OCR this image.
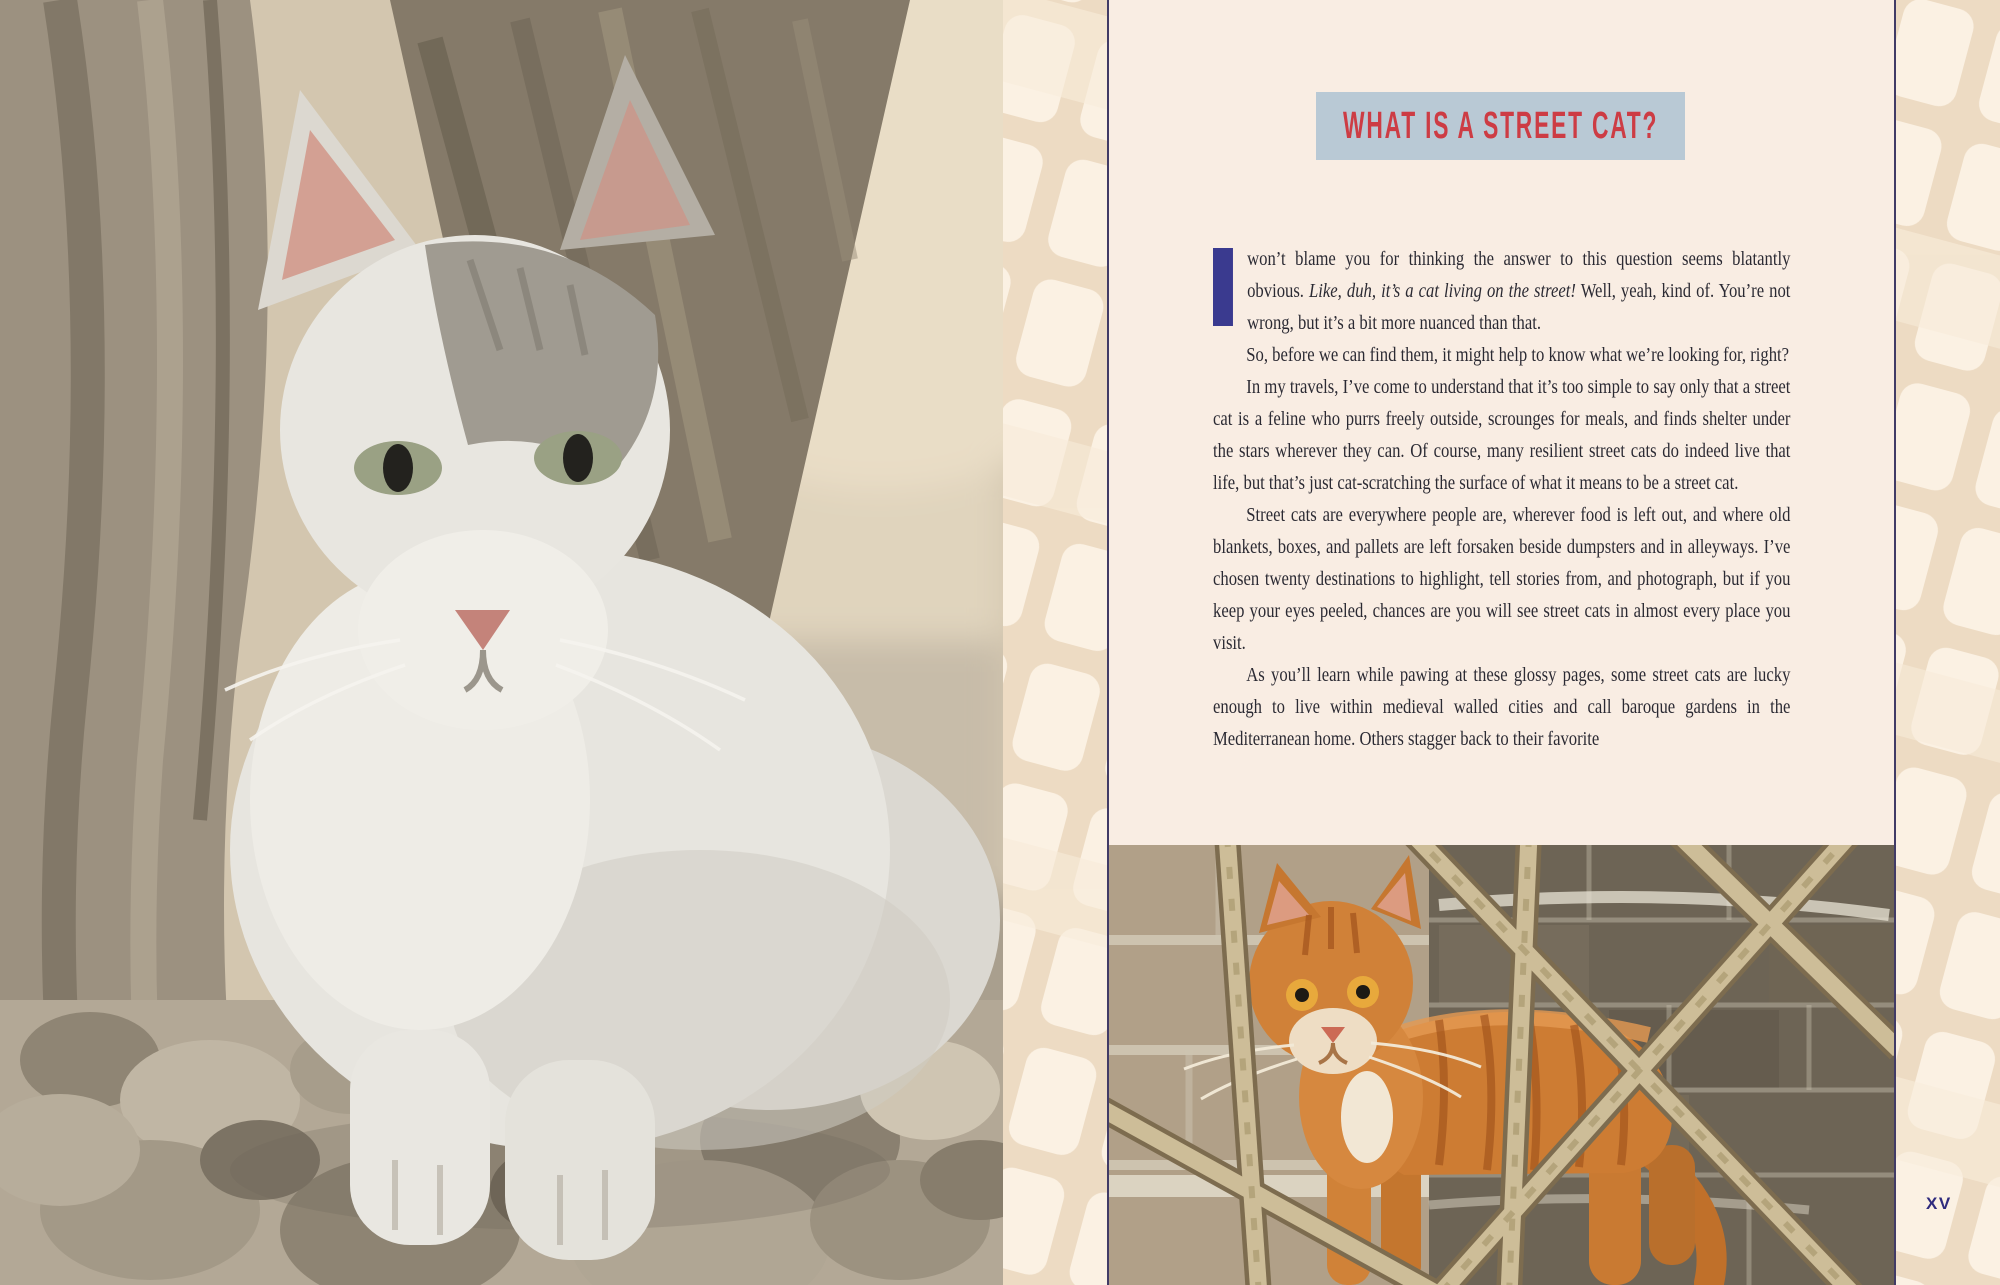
WHAT IS A STREET CAT?

won’t blame you for thinking the answer to this question seems blatantly obvious. Like, duh, it’s a cat living on the street! Well, yeah, kind of. You’re not wrong, but it’s a bit more nuanced than that.

So, before we can find them, it might help to know what we’re looking for, right?

In my travels, I’ve come to understand that it’s too simple to say only that a street cat is a feline who purrs freely outside, scrounges for meals, and finds shelter under the stars wherever they can. Of course, many resilient street cats do indeed live that life, but that’s just cat-scratching the surface of what it means to be a street cat.

Street cats are everywhere people are, wherever food is left out, and where old blankets, boxes, and pallets are left forsaken beside dumpsters and in alleyways. I’ve chosen twenty destinations to highlight, tell stories from, and photograph, but if you keep your eyes peeled, chances are you will see street cats in almost every place you visit.

As you’ll learn while pawing at these glossy pages, some street cats are lucky enough to live within medieval walled cities and call baroque gardens in the Mediterranean home. Others stagger back to their favorite

XV
